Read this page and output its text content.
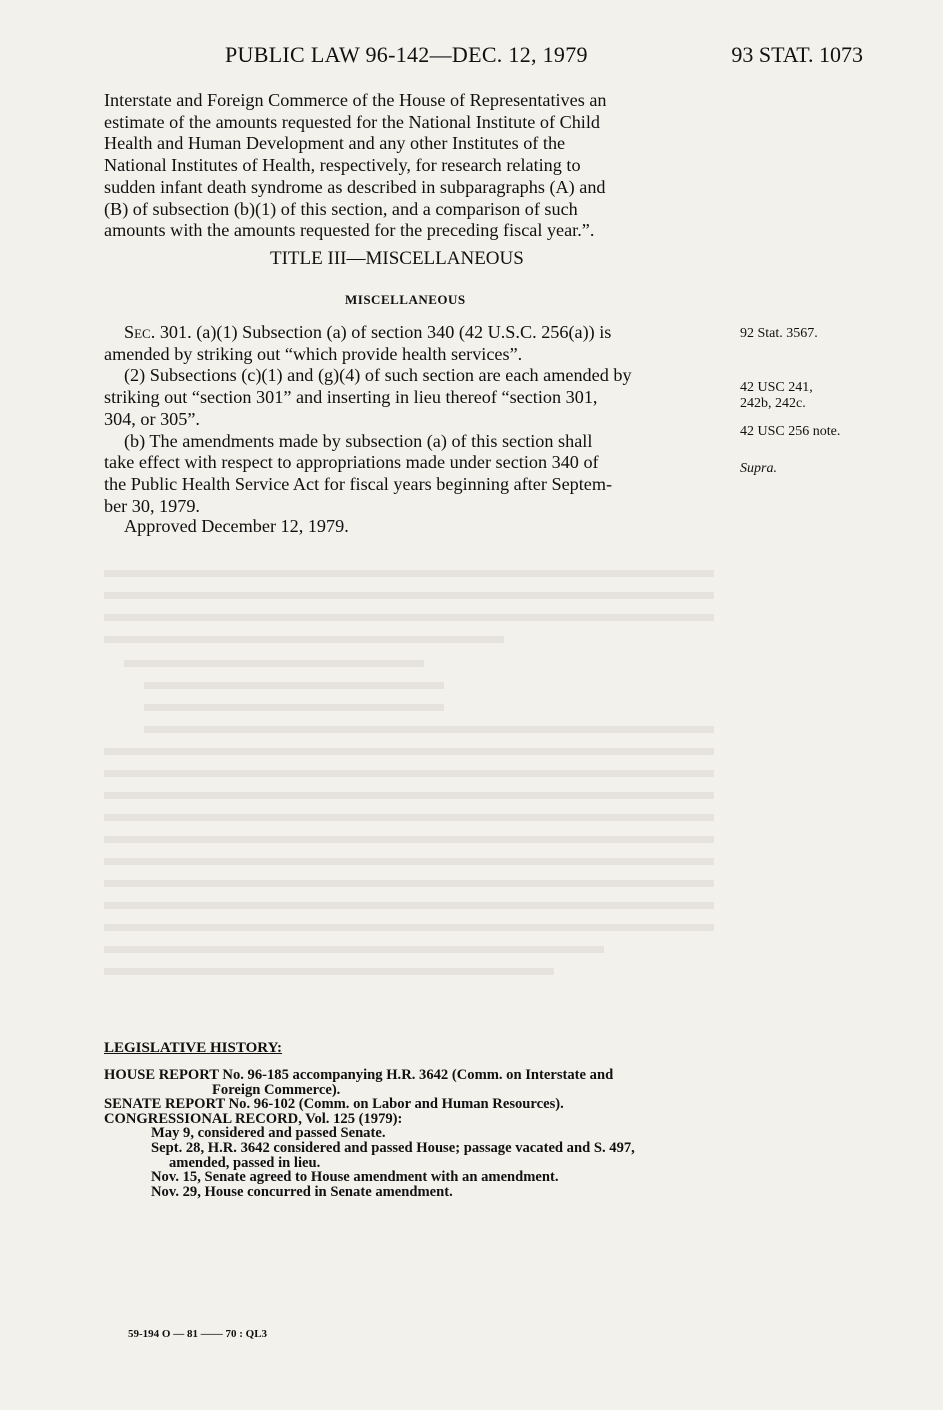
PUBLIC LAW 96-142—DEC. 12, 1979	93 STAT. 1073
Interstate and Foreign Commerce of the House of Representatives an
estimate of the amounts requested for the National Institute of Child
Health and Human Development and any other Institutes of the
National Institutes of Health, respectively, for research relating to
sudden infant death syndrome as described in subparagraphs (A) and
(B) of subsection (b)(1) of this section, and a comparison of such
amounts with the amounts requested for the preceding fiscal year.”.
TITLE III—MISCELLANEOUS
MISCELLANEOUS
Sec. 301. (a)(1) Subsection (a) of section 340 (42 U.S.C. 256(a)) is
amended by striking out “which provide health services”.
(2) Subsections (c)(1) and (g)(4) of such section are each amended by
striking out “section 301” and inserting in lieu thereof “section 301,
304, or 305”.
(b) The amendments made by subsection (a) of this section shall
take effect with respect to appropriations made under section 340 of
the Public Health Service Act for fiscal years beginning after Septem-
ber 30, 1979.
Approved December 12, 1979.
92 Stat. 3567.
42 USC 241,
242b, 242c.
42 USC 256 note.
Supra.
LEGISLATIVE HISTORY:
HOUSE REPORT No. 96-185 accompanying H.R. 3642 (Comm. on Interstate and
Foreign Commerce).
SENATE REPORT No. 96-102 (Comm. on Labor and Human Resources).
CONGRESSIONAL RECORD, Vol. 125 (1979):
May 9, considered and passed Senate.
Sept. 28, H.R. 3642 considered and passed House; passage vacated and S. 497,
amended, passed in lieu.
Nov. 15, Senate agreed to House amendment with an amendment.
Nov. 29, House concurred in Senate amendment.
59-194 O — 81 —— 70 : QL3
